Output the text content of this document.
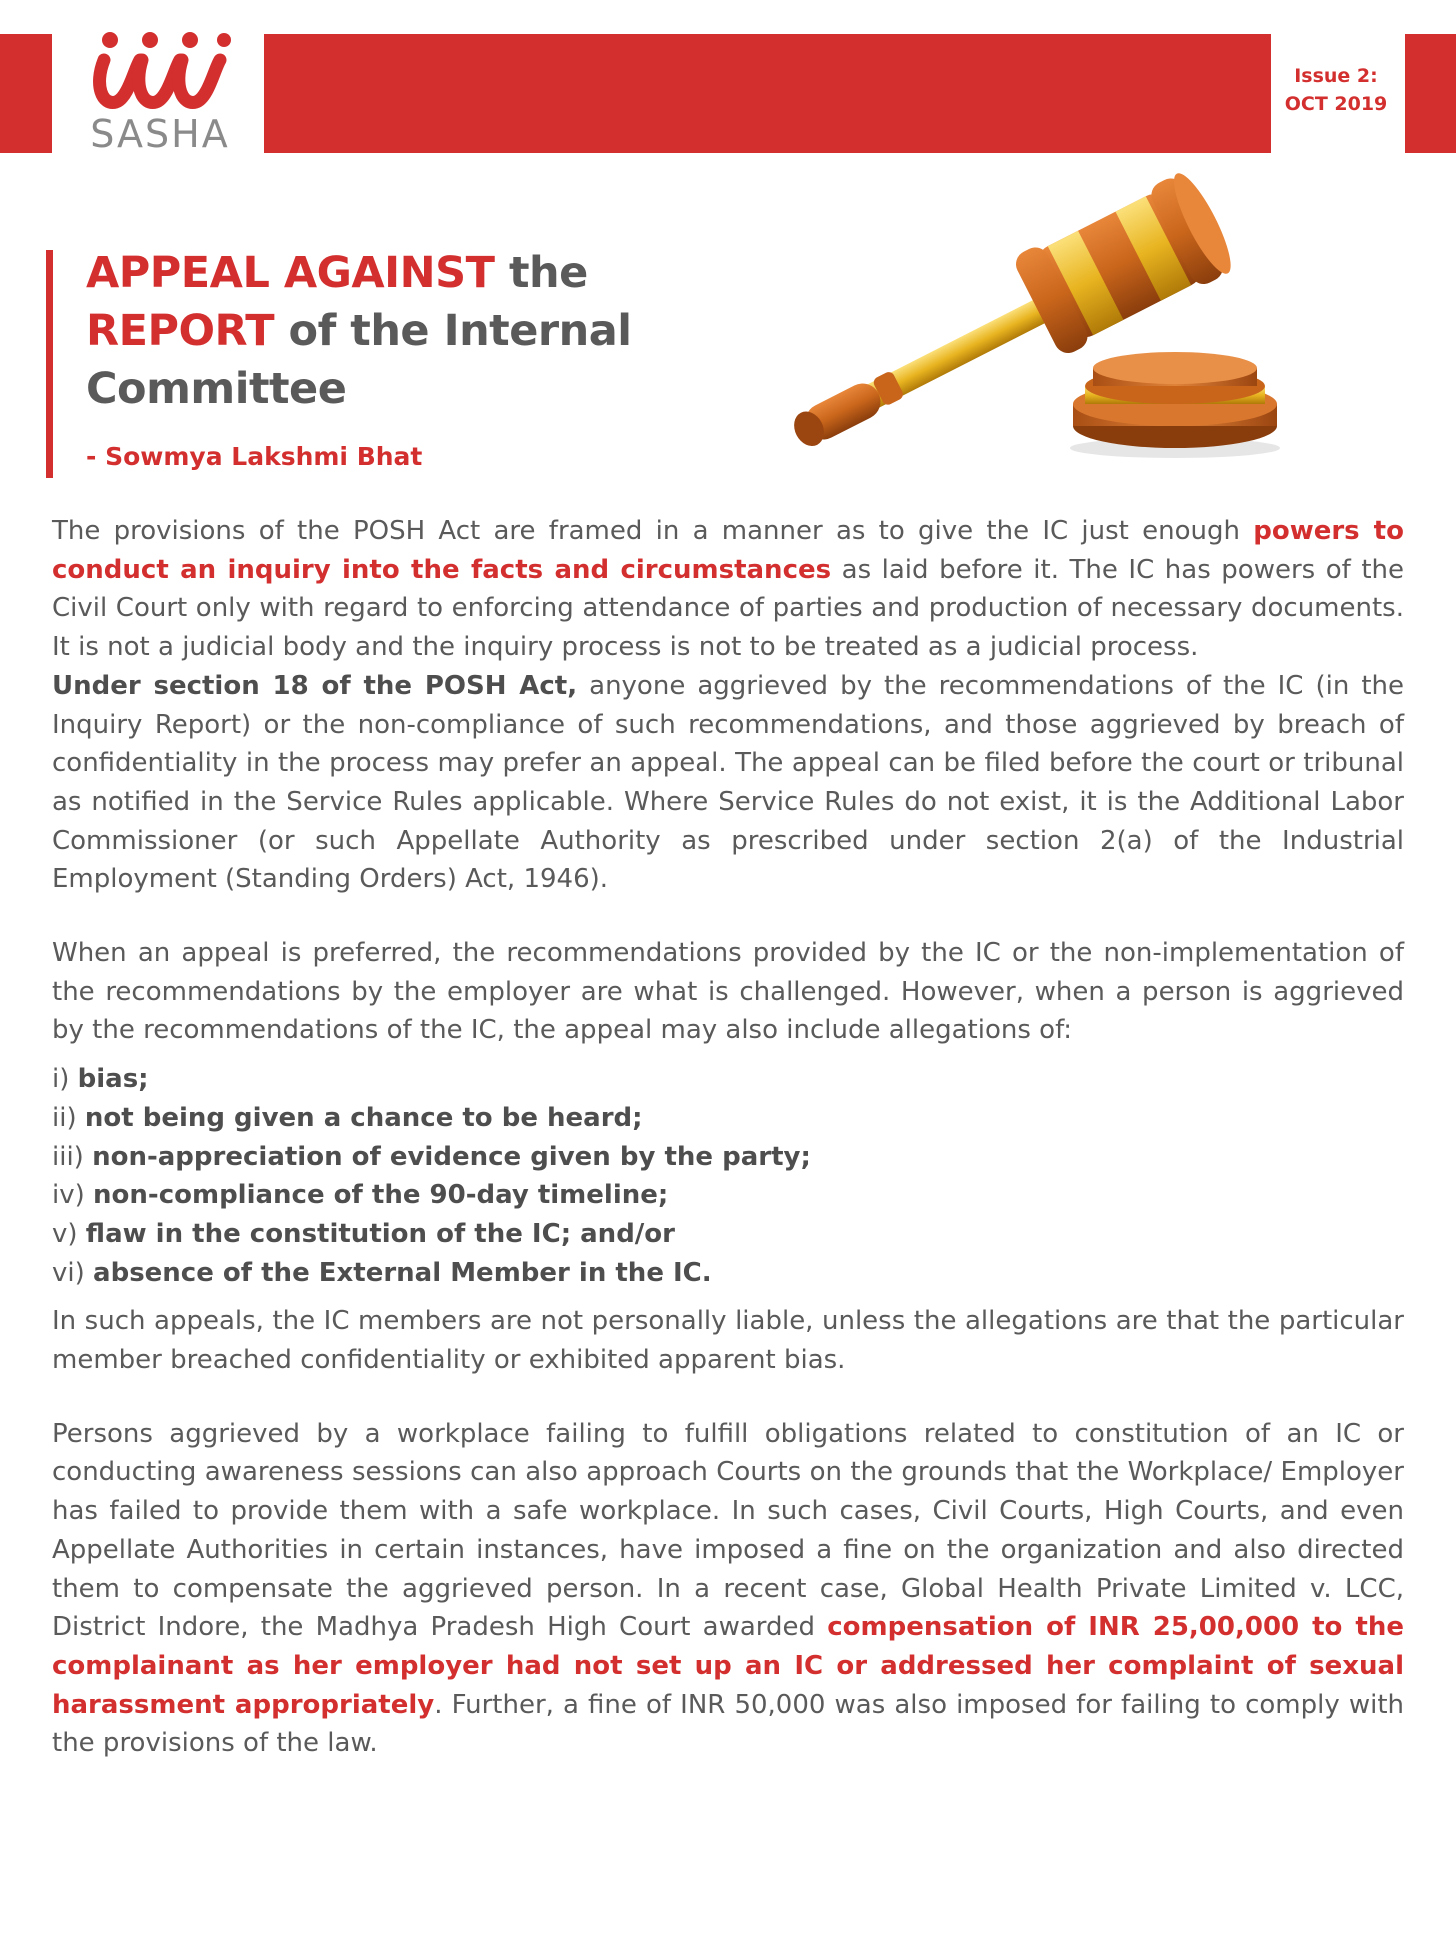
SASHA
Issue 2:
OCT 2019
APPEAL AGAINST the
REPORT of the Internal Committee
- Sowmya Lakshmi Bhat

The provisions of the POSH Act are framed in a manner as to give the IC just enough powers to conduct an inquiry into the facts and circumstances as laid before it. The IC has powers of the Civil Court only with regard to enforcing attendance of parties and production of necessary documents. It is not a judicial body and the inquiry process is not to be treated as a judicial process.

Under section 18 of the POSH Act, anyone aggrieved by the recommendations of the IC (in the Inquiry Report) or the non-compliance of such recommendations, and those aggrieved by breach of confidentiality in the process may prefer an appeal. The appeal can be filed before the court or tribunal as notified in the Service Rules applicable. Where Service Rules do not exist, it is the Additional Labor Commissioner (or such Appellate Authority as prescribed under section 2(a) of the Industrial Employment (Standing Orders) Act, 1946).

When an appeal is preferred, the recommendations provided by the IC or the non-implementation of the recommendations by the employer are what is challenged. However, when a person is aggrieved by the recommendations of the IC, the appeal may also include allegations of:

i) bias;
ii) not being given a chance to be heard;
iii) non-appreciation of evidence given by the party;
iv) non-compliance of the 90-day timeline;
v) flaw in the constitution of the IC; and/or
vi) absence of the External Member in the IC.

In such appeals, the IC members are not personally liable, unless the allegations are that the particular member breached confidentiality or exhibited apparent bias.

Persons aggrieved by a workplace failing to fulfill obligations related to constitution of an IC or conducting awareness sessions can also approach Courts on the grounds that the Workplace/ Employer has failed to provide them with a safe workplace. In such cases, Civil Courts, High Courts, and even Appellate Authorities in certain instances, have imposed a fine on the organization and also directed them to compensate the aggrieved person. In a recent case, Global Health Private Limited v. LCC, District Indore, the Madhya Pradesh High Court awarded compensation of INR 25,00,000 to the complainant as her employer had not set up an IC or addressed her complaint of sexual harassment appropriately. Further, a fine of INR 50,000 was also imposed for failing to comply with the provisions of the law.
